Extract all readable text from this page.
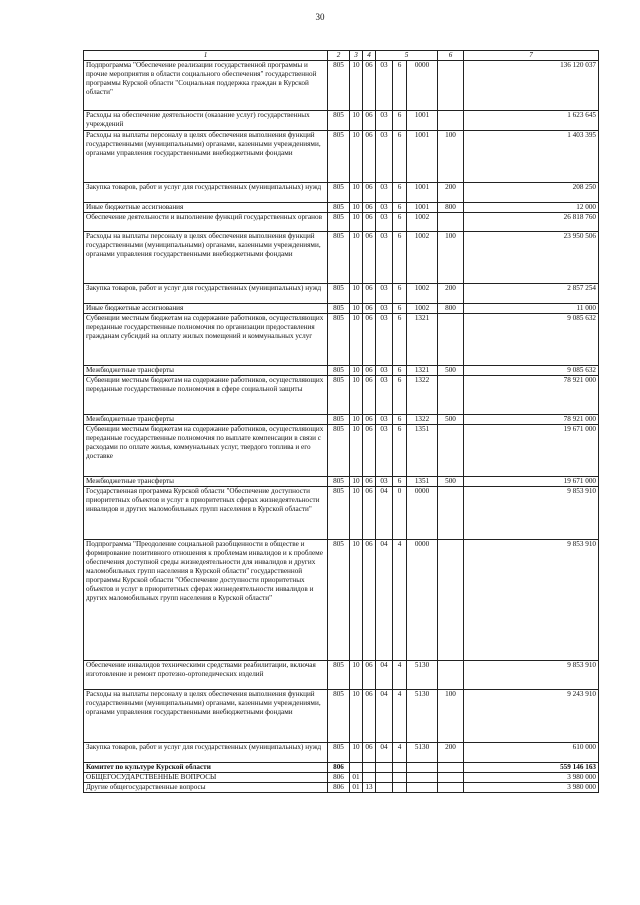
30
1	2	3	4	5			6	7
Подпрограмма "Обеспечение реализации государственной программы и прочие мероприятия в области социального обеспечения" государственной программы Курской области "Социальная поддержка граждан в Курской области"	805	10	06	03	6	0000		136 120 037
Расходы на обеспечение деятельности (оказание услуг) государственных учреждений	805	10	06	03	6	1001		1 623 645
Расходы на выплаты персоналу в целях обеспечения выполнения функций государственными (муниципальными) органами, казенными учреждениями, органами управления государственными внебюджетными фондами	805	10	06	03	6	1001	100	1 403 395
Закупка товаров, работ и услуг для государственных (муниципальных) нужд	805	10	06	03	6	1001	200	208 250
Иные бюджетные ассигнования	805	10	06	03	6	1001	800	12 000
Обеспечение деятельности и выполнение функций государственных органов	805	10	06	03	6	1002		26 818 760
Расходы на выплаты персоналу в целях обеспечения выполнения функций государственными (муниципальными) органами, казенными учреждениями, органами управления государственными внебюджетными фондами	805	10	06	03	6	1002	100	23 950 506
Закупка товаров, работ и услуг для государственных (муниципальных) нужд	805	10	06	03	6	1002	200	2 857 254
Иные бюджетные ассигнования	805	10	06	03	6	1002	800	11 000
Субвенции местным бюджетам на содержание работников, осуществляющих переданные государственные полномочия по организации предоставления гражданам субсидий на оплату жилых помещений и коммунальных услуг	805	10	06	03	6	1321		9 085 632
Межбюджетные трансферты	805	10	06	03	6	1321	500	9 085 632
Субвенции местным бюджетам на содержание работников, осуществляющих переданные государственные полномочия в сфере социальной защиты	805	10	06	03	6	1322		78 921 000
Межбюджетные трансферты	805	10	06	03	6	1322	500	78 921 000
Субвенции местным бюджетам на содержание работников, осуществляющих переданные государственные полномочия по выплате компенсации в связи с расходами по оплате жилья, коммунальных услуг, твердого топлива и его доставке	805	10	06	03	6	1351		19 671 000
Межбюджетные трансферты	805	10	06	03	6	1351	500	19 671 000
Государственная программа Курской области "Обеспечение доступности приоритетных объектов и услуг в приоритетных сферах жизнедеятельности инвалидов и других маломобильных групп населения в Курской области"	805	10	06	04	0	0000		9 853 910
Подпрограмма "Преодоление социальной разобщенности в обществе и формирование позитивного отношения к проблемам инвалидов и к проблеме обеспечения доступной среды жизнедеятельности для инвалидов и других маломобильных групп населения в Курской области" государственной программы Курской области "Обеспечение доступности приоритетных объектов и услуг в приоритетных сферах жизнедеятельности инвалидов и других маломобильных групп населения в Курской области"	805	10	06	04	4	0000		9 853 910
Обеспечение инвалидов техническими средствами реабилитации, включая изготовление и ремонт протезно-ортопедических изделий	805	10	06	04	4	5130		9 853 910
Расходы на выплаты персоналу в целях обеспечения выполнения функций государственными (муниципальными) органами, казенными учреждениями, органами управления государственными внебюджетными фондами	805	10	06	04	4	5130	100	9 243 910
Закупка товаров, работ и услуг для государственных (муниципальных) нужд	805	10	06	04	4	5130	200	610 000
Комитет по культуре Курской области	806							559 146 163
ОБЩЕГОСУДАРСТВЕННЫЕ ВОПРОСЫ	806	01						3 980 000
Другие общегосударственные вопросы	806	01	13					3 980 000
